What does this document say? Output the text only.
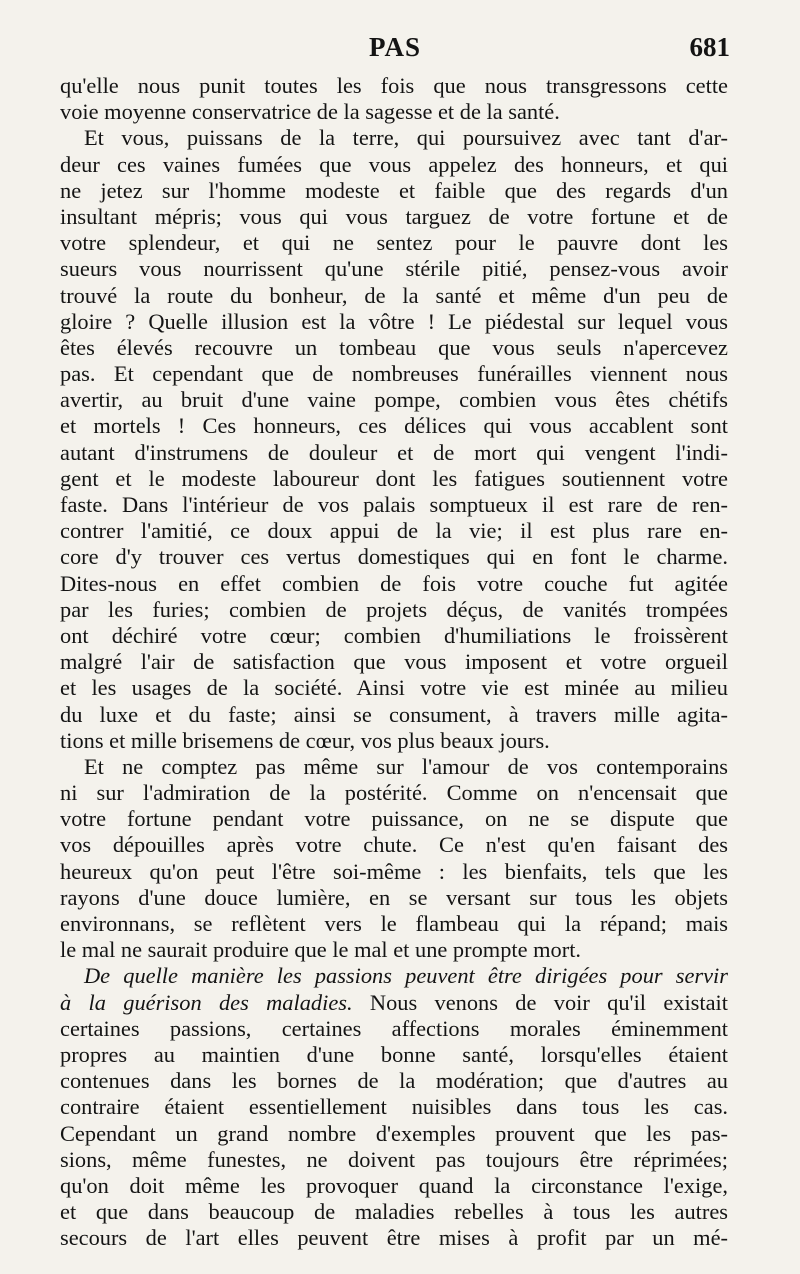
PAS	681
qu'elle nous punit toutes les fois que nous transgressons cette
voie moyenne conservatrice de la sagesse et de la santé.
Et vous, puissans de la terre, qui poursuivez avec tant d'ar-
deur ces vaines fumées que vous appelez des honneurs, et qui
ne jetez sur l'homme modeste et faible que des regards d'un
insultant mépris; vous qui vous targuez de votre fortune et de
votre splendeur, et qui ne sentez pour le pauvre dont les
sueurs vous nourrissent qu'une stérile pitié, pensez-vous avoir
trouvé la route du bonheur, de la santé et même d'un peu de
gloire ? Quelle illusion est la vôtre ! Le piédestal sur lequel vous
êtes élevés recouvre un tombeau que vous seuls n'apercevez
pas. Et cependant que de nombreuses funérailles viennent nous
avertir, au bruit d'une vaine pompe, combien vous êtes chétifs
et mortels ! Ces honneurs, ces délices qui vous accablent sont
autant d'instrumens de douleur et de mort qui vengent l'indi-
gent et le modeste laboureur dont les fatigues soutiennent votre
faste. Dans l'intérieur de vos palais somptueux il est rare de ren-
contrer l'amitié, ce doux appui de la vie; il est plus rare en-
core d'y trouver ces vertus domestiques qui en font le charme.
Dites-nous en effet combien de fois votre couche fut agitée
par les furies; combien de projets déçus, de vanités trompées
ont déchiré votre cœur; combien d'humiliations le froissèrent
malgré l'air de satisfaction que vous imposent et votre orgueil
et les usages de la société. Ainsi votre vie est minée au milieu
du luxe et du faste; ainsi se consument, à travers mille agita-
tions et mille brisemens de cœur, vos plus beaux jours.
Et ne comptez pas même sur l'amour de vos contemporains
ni sur l'admiration de la postérité. Comme on n'encensait que
votre fortune pendant votre puissance, on ne se dispute que
vos dépouilles après votre chute. Ce n'est qu'en faisant des
heureux qu'on peut l'être soi-même : les bienfaits, tels que les
rayons d'une douce lumière, en se versant sur tous les objets
environnans, se reflètent vers le flambeau qui la répand; mais
le mal ne saurait produire que le mal et une prompte mort.
De quelle manière les passions peuvent être dirigées pour servir
à la guérison des maladies. Nous venons de voir qu'il existait
certaines passions, certaines affections morales éminemment
propres au maintien d'une bonne santé, lorsqu'elles étaient
contenues dans les bornes de la modération; que d'autres au
contraire étaient essentiellement nuisibles dans tous les cas.
Cependant un grand nombre d'exemples prouvent que les pas-
sions, même funestes, ne doivent pas toujours être réprimées;
qu'on doit même les provoquer quand la circonstance l'exige,
et que dans beaucoup de maladies rebelles à tous les autres
secours de l'art elles peuvent être mises à profit par un mé-
